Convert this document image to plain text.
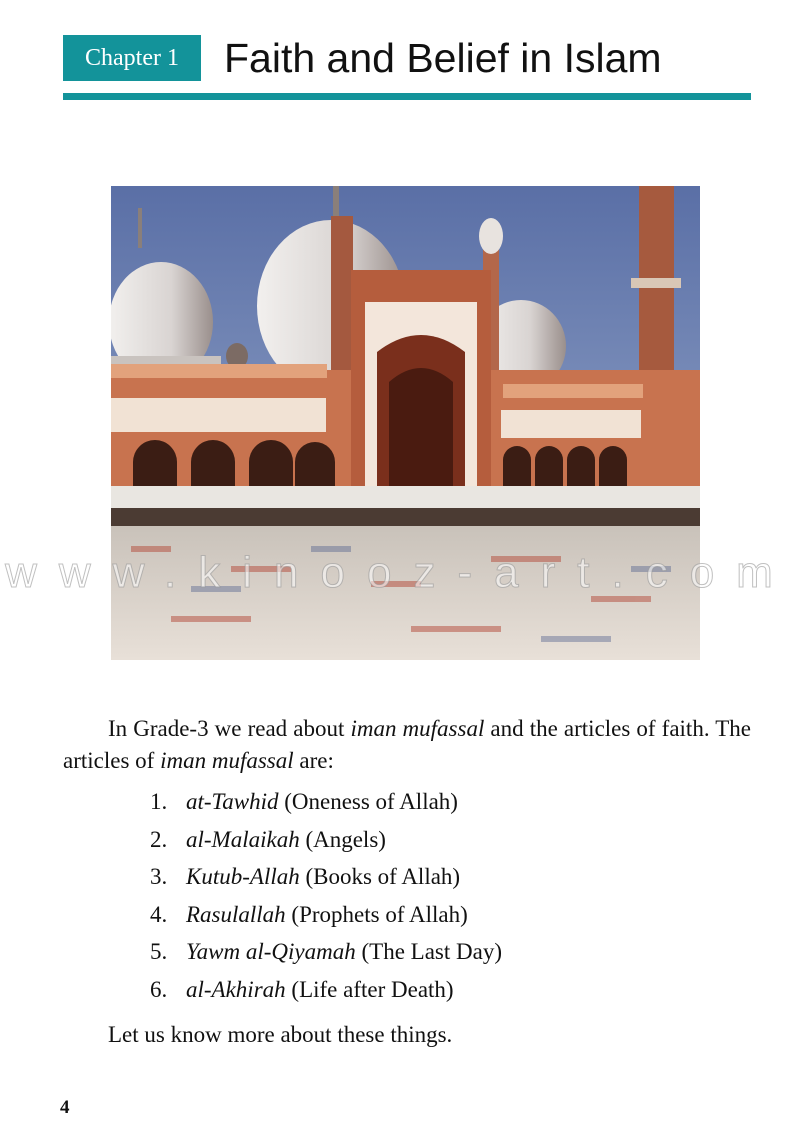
Chapter 1	Faith and Belief in Islam
www.kinooz-art.com

In Grade-3 we read about iman mufassal and the articles of faith. The articles of iman mufassal are:

1. at-Tawhid (Oneness of Allah)
2. al-Malaikah (Angels)
3. Kutub-Allah (Books of Allah)
4. Rasulallah (Prophets of Allah)
5. Yawm al-Qiyamah (The Last Day)
6. al-Akhirah (Life after Death)

Let us know more about these things.

4
